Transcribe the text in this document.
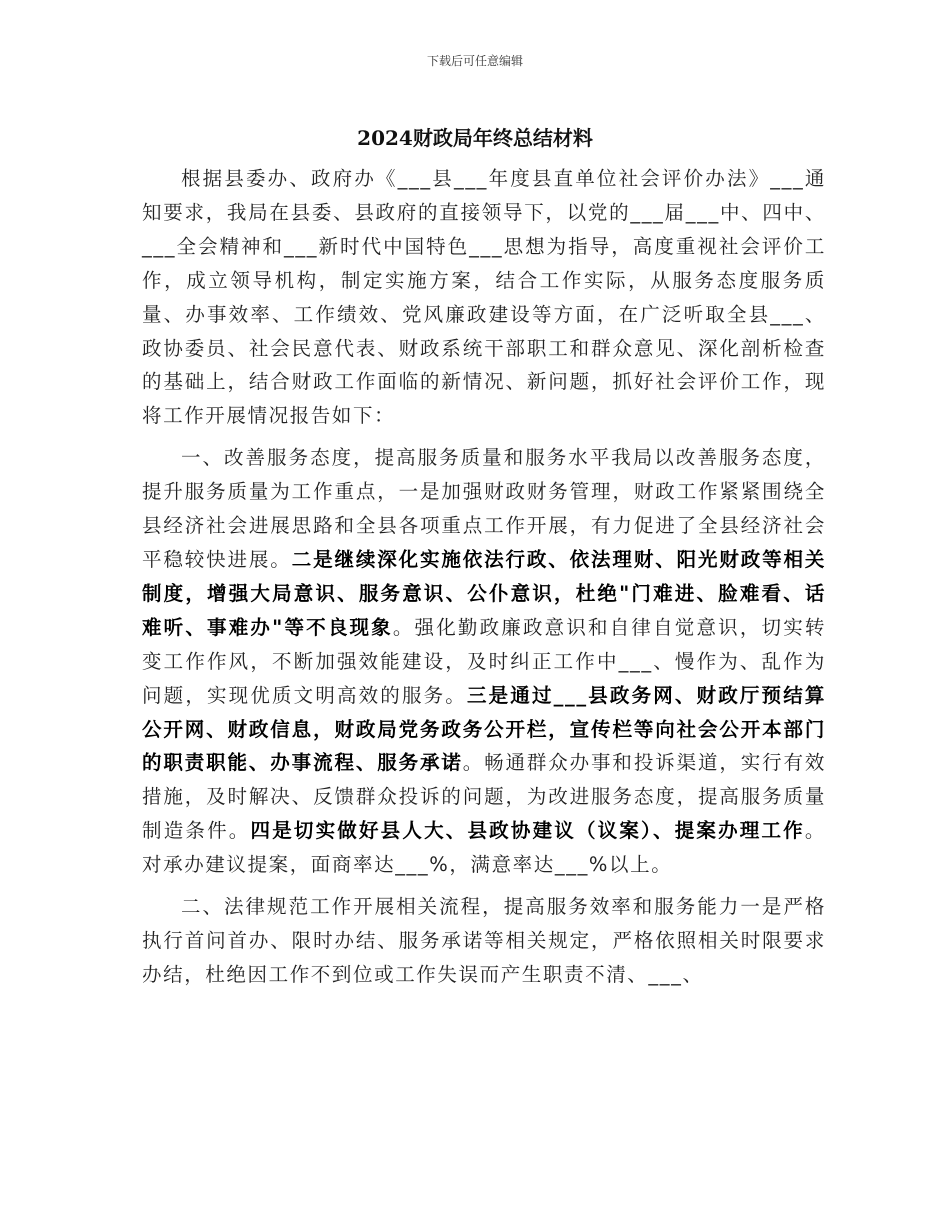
下载后可任意编辑
2024财政局年终总结材料

根据县委办、政府办《___县___年度县直单位社会评价办法》___通知要求，我局在县委、县政府的直接领导下，以党的___届___中、四中、___全会精神和___新时代中国特色___思想为指导，高度重视社会评价工作，成立领导机构，制定实施方案，结合工作实际，从服务态度服务质量、办事效率、工作绩效、党风廉政建设等方面，在广泛听取全县___、政协委员、社会民意代表、财政系统干部职工和群众意见、深化剖析检查的基础上，结合财政工作面临的新情况、新问题，抓好社会评价工作，现将工作开展情况报告如下：

一、改善服务态度，提高服务质量和服务水平我局以改善服务态度，提升服务质量为工作重点，一是加强财政财务管理，财政工作紧紧围绕全县经济社会进展思路和全县各项重点工作开展，有力促进了全县经济社会平稳较快进展。二是继续深化实施依法行政、依法理财、阳光财政等相关制度，增强大局意识、服务意识、公仆意识，杜绝"门难进、脸难看、话难听、事难办"等不良现象。强化勤政廉政意识和自律自觉意识，切实转变工作作风，不断加强效能建设，及时纠正工作中___、慢作为、乱作为问题，实现优质文明高效的服务。三是通过___县政务网、财政厅预结算公开网、财政信息，财政局党务政务公开栏，宣传栏等向社会公开本部门的职责职能、办事流程、服务承诺。畅通群众办事和投诉渠道，实行有效措施，及时解决、反馈群众投诉的问题，为改进服务态度，提高服务质量制造条件。四是切实做好县人大、县政协建议（议案）、提案办理工作。对承办建议提案，面商率达___%，满意率达___%以上。

二、法律规范工作开展相关流程，提高服务效率和服务能力一是严格执行首问首办、限时办结、服务承诺等相关规定，严格依照相关时限要求办结，杜绝因工作不到位或工作失误而产生职责不清、___、
